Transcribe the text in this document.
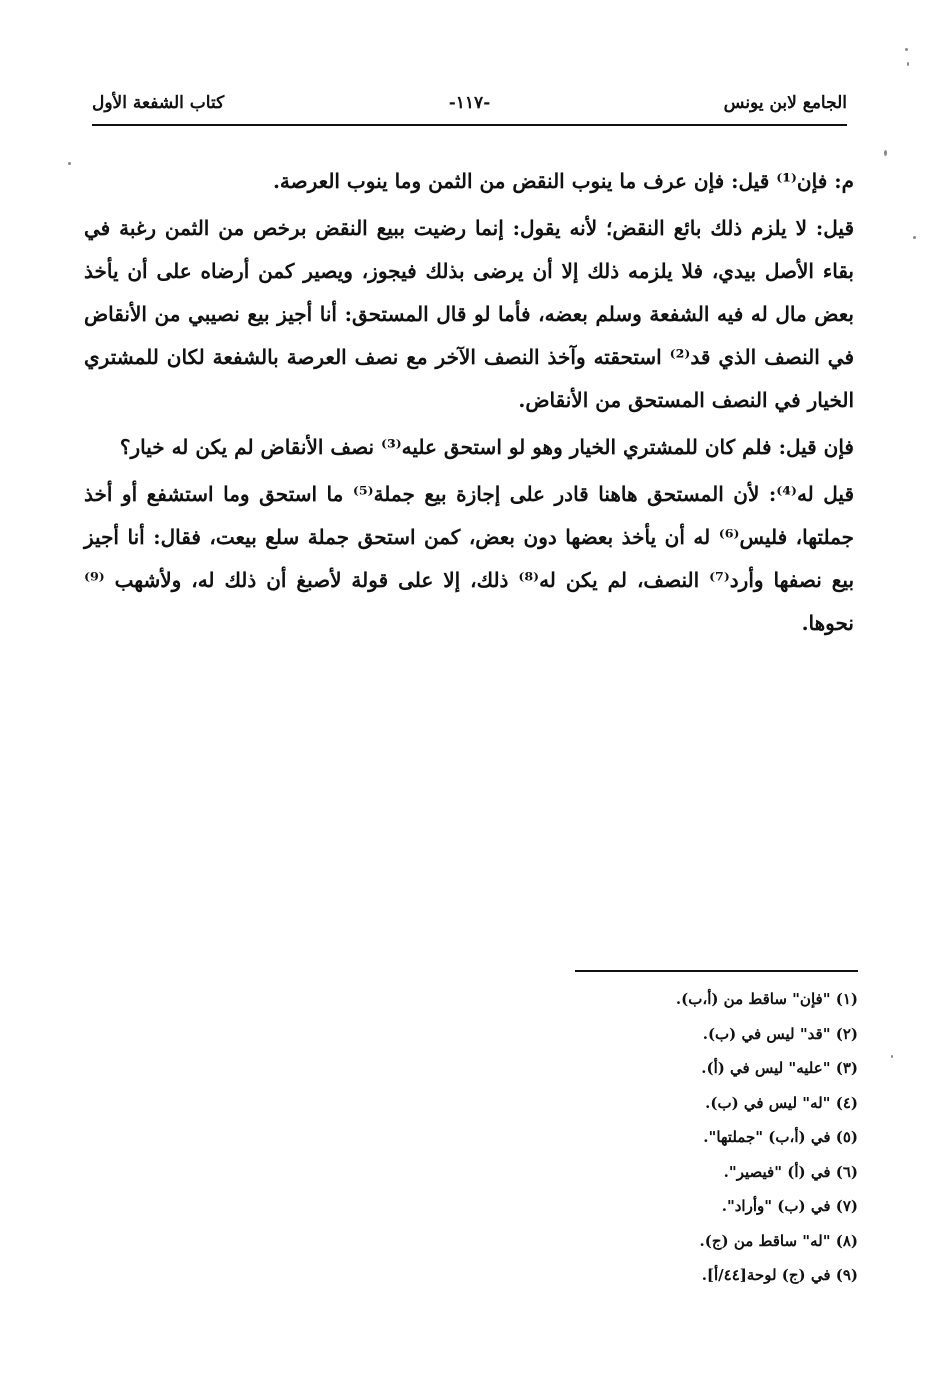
الجامع لابن يونس
-١١٧-
كتاب الشفعة الأول

م: فإن⁽¹⁾ قيل: فإن عرف ما ينوب النقض من الثمن وما ينوب العرصة.

قيل: لا يلزم ذلك بائع النقض؛ لأنه يقول: إنما رضيت ببيع النقض برخص من الثمن رغبة في بقاء الأصل بيدي، فلا يلزمه ذلك إلا أن يرضى بذلك فيجوز، ويصير كمن أرضاه على أن يأخذ بعض مال له فيه الشفعة وسلم بعضه، فأما لو قال المستحق: أنا أجيز بيع نصيبي من الأنقاض في النصف الذي قد⁽²⁾ استحقته وآخذ النصف الآخر مع نصف العرصة بالشفعة لكان للمشتري الخيار في النصف المستحق من الأنقاض.

فإن قيل: فلم كان للمشتري الخيار وهو لو استحق عليه⁽³⁾ نصف الأنقاض لم يكن له خيار؟

قيل له⁽⁴⁾: لأن المستحق هاهنا قادر على إجازة بيع جملة⁽⁵⁾ ما استحق وما استشفع أو أخذ جملتها، فليس⁽⁶⁾ له أن يأخذ بعضها دون بعض، كمن استحق جملة سلع بيعت، فقال: أنا أجيز بيع نصفها وأرد⁽⁷⁾ النصف، لم يكن له⁽⁸⁾ ذلك، إلا على قولة لأصبغ أن ذلك له، ولأشهب ⁽⁹⁾ نحوها.

(١) "فإن" ساقط من (أ،ب).
(٢) "قد" ليس في (ب).
(٣) "عليه" ليس في (أ).
(٤) "له" ليس في (ب).
(٥) في (أ،ب) "جملتها".
(٦) في (أ) "فيصير".
(٧) في (ب) "وأراد".
(٨) "له" ساقط من (ج).
(٩) في (ج) لوحة[٤٤/أ].
